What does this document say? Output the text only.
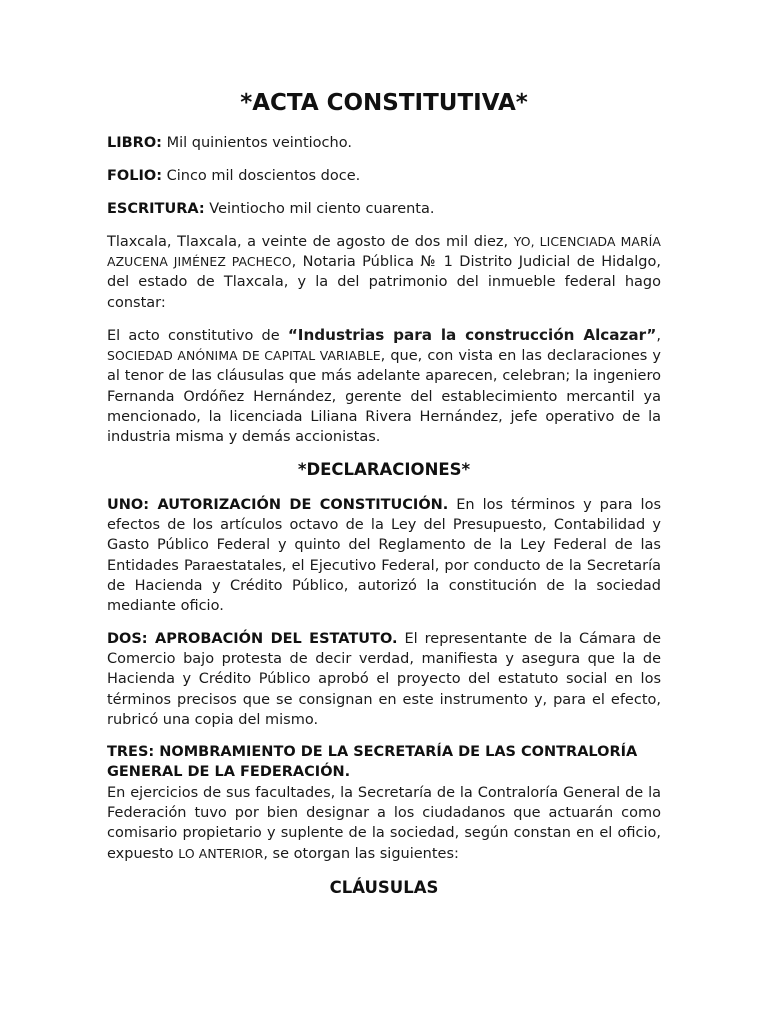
*ACTA CONSTITUTIVA*

LIBRO: Mil quinientos veintiocho.

FOLIO: Cinco mil doscientos doce.

ESCRITURA: Veintiocho mil ciento cuarenta.

Tlaxcala, Tlaxcala, a veinte de agosto de dos mil diez, YO, LICENCIADA MARÍA AZUCENA JIMÉNEZ PACHECO, Notaria Pública № 1 Distrito Judicial de Hidalgo, del estado de Tlaxcala, y la del patrimonio del inmueble federal hago constar:

El acto constitutivo de “Industrias para la construcción Alcazar”, SOCIEDAD ANÓNIMA DE CAPITAL VARIABLE, que, con vista en las declaraciones y al tenor de las cláusulas que más adelante aparecen, celebran; la ingeniero Fernanda Ordóñez Hernández, gerente del establecimiento mercantil ya mencionado, la licenciada Liliana Rivera Hernández, jefe operativo de la industria misma y demás accionistas.

*DECLARACIONES*

UNO: AUTORIZACIÓN DE CONSTITUCIÓN. En los términos y para los efectos de los artículos octavo de la Ley del Presupuesto, Contabilidad y Gasto Público Federal y quinto del Reglamento de la Ley Federal de las Entidades Paraestatales, el Ejecutivo Federal, por conducto de la Secretaría de Hacienda y Crédito Público, autorizó la constitución de la sociedad mediante oficio.

DOS: APROBACIÓN DEL ESTATUTO. El representante de la Cámara de Comercio bajo protesta de decir verdad, manifiesta y asegura que la de Hacienda y Crédito Público aprobó el proyecto del estatuto social en los términos precisos que se consignan en este instrumento y, para el efecto, rubricó una copia del mismo.

TRES: NOMBRAMIENTO DE LA SECRETARÍA DE LAS CONTRALORÍA GENERAL DE LA FEDERACIÓN.

En ejercicios de sus facultades, la Secretaría de la Contraloría General de la Federación tuvo por bien designar a los ciudadanos que actuarán como comisario propietario y suplente de la sociedad, según constan en el oficio, expuesto LO ANTERIOR, se otorgan las siguientes:

CLÁUSULAS
